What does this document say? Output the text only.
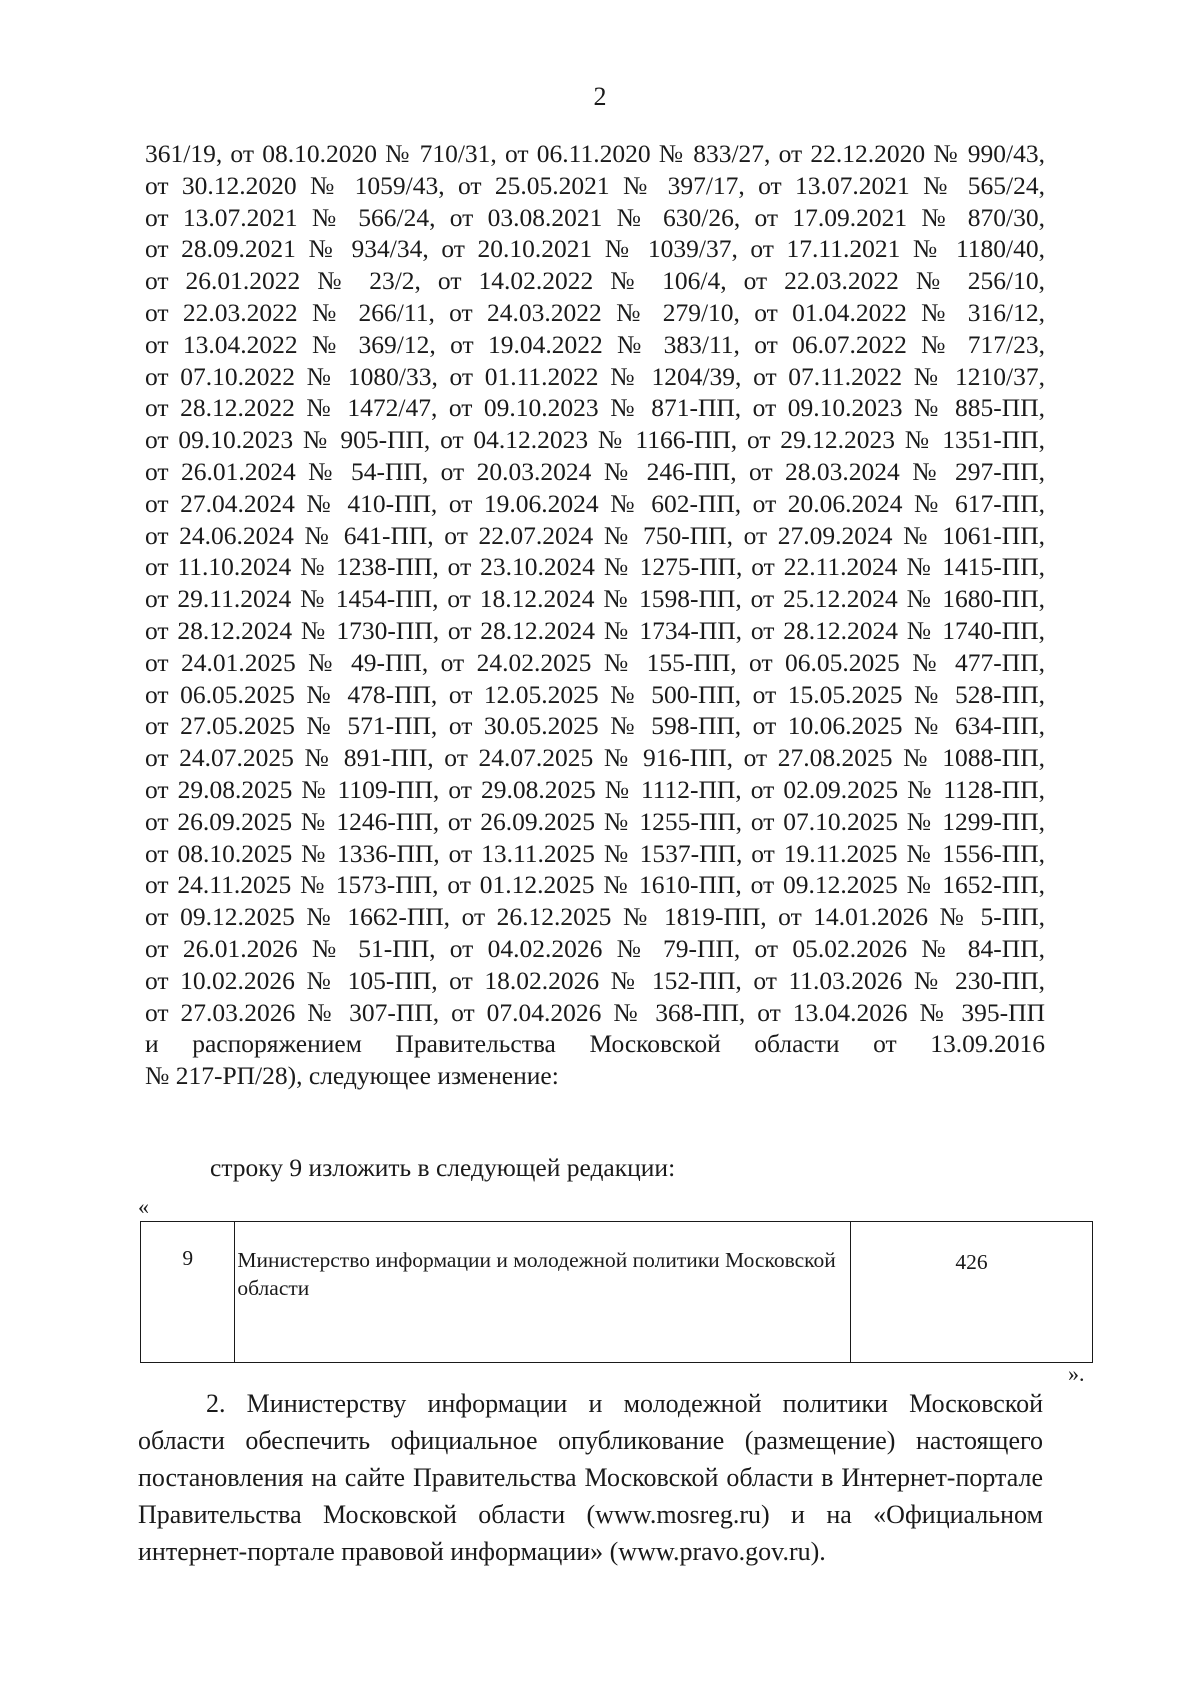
2
361/19, от 08.10.2020 № 710/31, от 06.11.2020 № 833/27, от 22.12.2020 № 990/43,
от 30.12.2020 № 1059/43, от 25.05.2021 № 397/17, от 13.07.2021 № 565/24,
от 13.07.2021 № 566/24, от 03.08.2021 № 630/26, от 17.09.2021 № 870/30,
от 28.09.2021 № 934/34, от 20.10.2021 № 1039/37, от 17.11.2021 № 1180/40,
от 26.01.2022 № 23/2, от 14.02.2022 № 106/4, от 22.03.2022 № 256/10,
от 22.03.2022 № 266/11, от 24.03.2022 № 279/10, от 01.04.2022 № 316/12,
от 13.04.2022 № 369/12, от 19.04.2022 № 383/11, от 06.07.2022 № 717/23,
от 07.10.2022 № 1080/33, от 01.11.2022 № 1204/39, от 07.11.2022 № 1210/37,
от 28.12.2022 № 1472/47, от 09.10.2023 № 871-ПП, от 09.10.2023 № 885-ПП,
от 09.10.2023 № 905-ПП, от 04.12.2023 № 1166-ПП, от 29.12.2023 № 1351-ПП,
от 26.01.2024 № 54-ПП, от 20.03.2024 № 246-ПП, от 28.03.2024 № 297-ПП,
от 27.04.2024 № 410-ПП, от 19.06.2024 № 602-ПП, от 20.06.2024 № 617-ПП,
от 24.06.2024 № 641-ПП, от 22.07.2024 № 750-ПП, от 27.09.2024 № 1061-ПП,
от 11.10.2024 № 1238-ПП, от 23.10.2024 № 1275-ПП, от 22.11.2024 № 1415-ПП,
от 29.11.2024 № 1454-ПП, от 18.12.2024 № 1598-ПП, от 25.12.2024 № 1680-ПП,
от 28.12.2024 № 1730-ПП, от 28.12.2024 № 1734-ПП, от 28.12.2024 № 1740-ПП,
от 24.01.2025 № 49-ПП, от 24.02.2025 № 155-ПП, от 06.05.2025 № 477-ПП,
от 06.05.2025 № 478-ПП, от 12.05.2025 № 500-ПП, от 15.05.2025 № 528-ПП,
от 27.05.2025 № 571-ПП, от 30.05.2025 № 598-ПП, от 10.06.2025 № 634-ПП,
от 24.07.2025 № 891-ПП, от 24.07.2025 № 916-ПП, от 27.08.2025 № 1088-ПП,
от 29.08.2025 № 1109-ПП, от 29.08.2025 № 1112-ПП, от 02.09.2025 № 1128-ПП,
от 26.09.2025 № 1246-ПП, от 26.09.2025 № 1255-ПП, от 07.10.2025 № 1299-ПП,
от 08.10.2025 № 1336-ПП, от 13.11.2025 № 1537-ПП, от 19.11.2025 № 1556-ПП,
от 24.11.2025 № 1573-ПП, от 01.12.2025 № 1610-ПП, от 09.12.2025 № 1652-ПП,
от 09.12.2025 № 1662-ПП, от 26.12.2025 № 1819-ПП, от 14.01.2026 № 5-ПП,
от 26.01.2026 № 51-ПП, от 04.02.2026 № 79-ПП, от 05.02.2026 № 84-ПП,
от 10.02.2026 № 105-ПП, от 18.02.2026 № 152-ПП, от 11.03.2026 № 230-ПП,
от 27.03.2026 № 307-ПП, от 07.04.2026 № 368-ПП, от 13.04.2026 № 395-ПП
и распоряжением Правительства Московской области от 13.09.2016
№ 217-РП/28), следующее изменение:
строку 9 изложить в следующей редакции:
«
9	Министерство информации и молодежной политики Московской области	426
».
2. Министерству информации и молодежной политики Московской области обеспечить официальное опубликование (размещение) настоящего постановления на сайте Правительства Московской области в Интернет-портале Правительства Московской области (www.mosreg.ru) и на «Официальном интернет-портале правовой информации» (www.pravo.gov.ru).
